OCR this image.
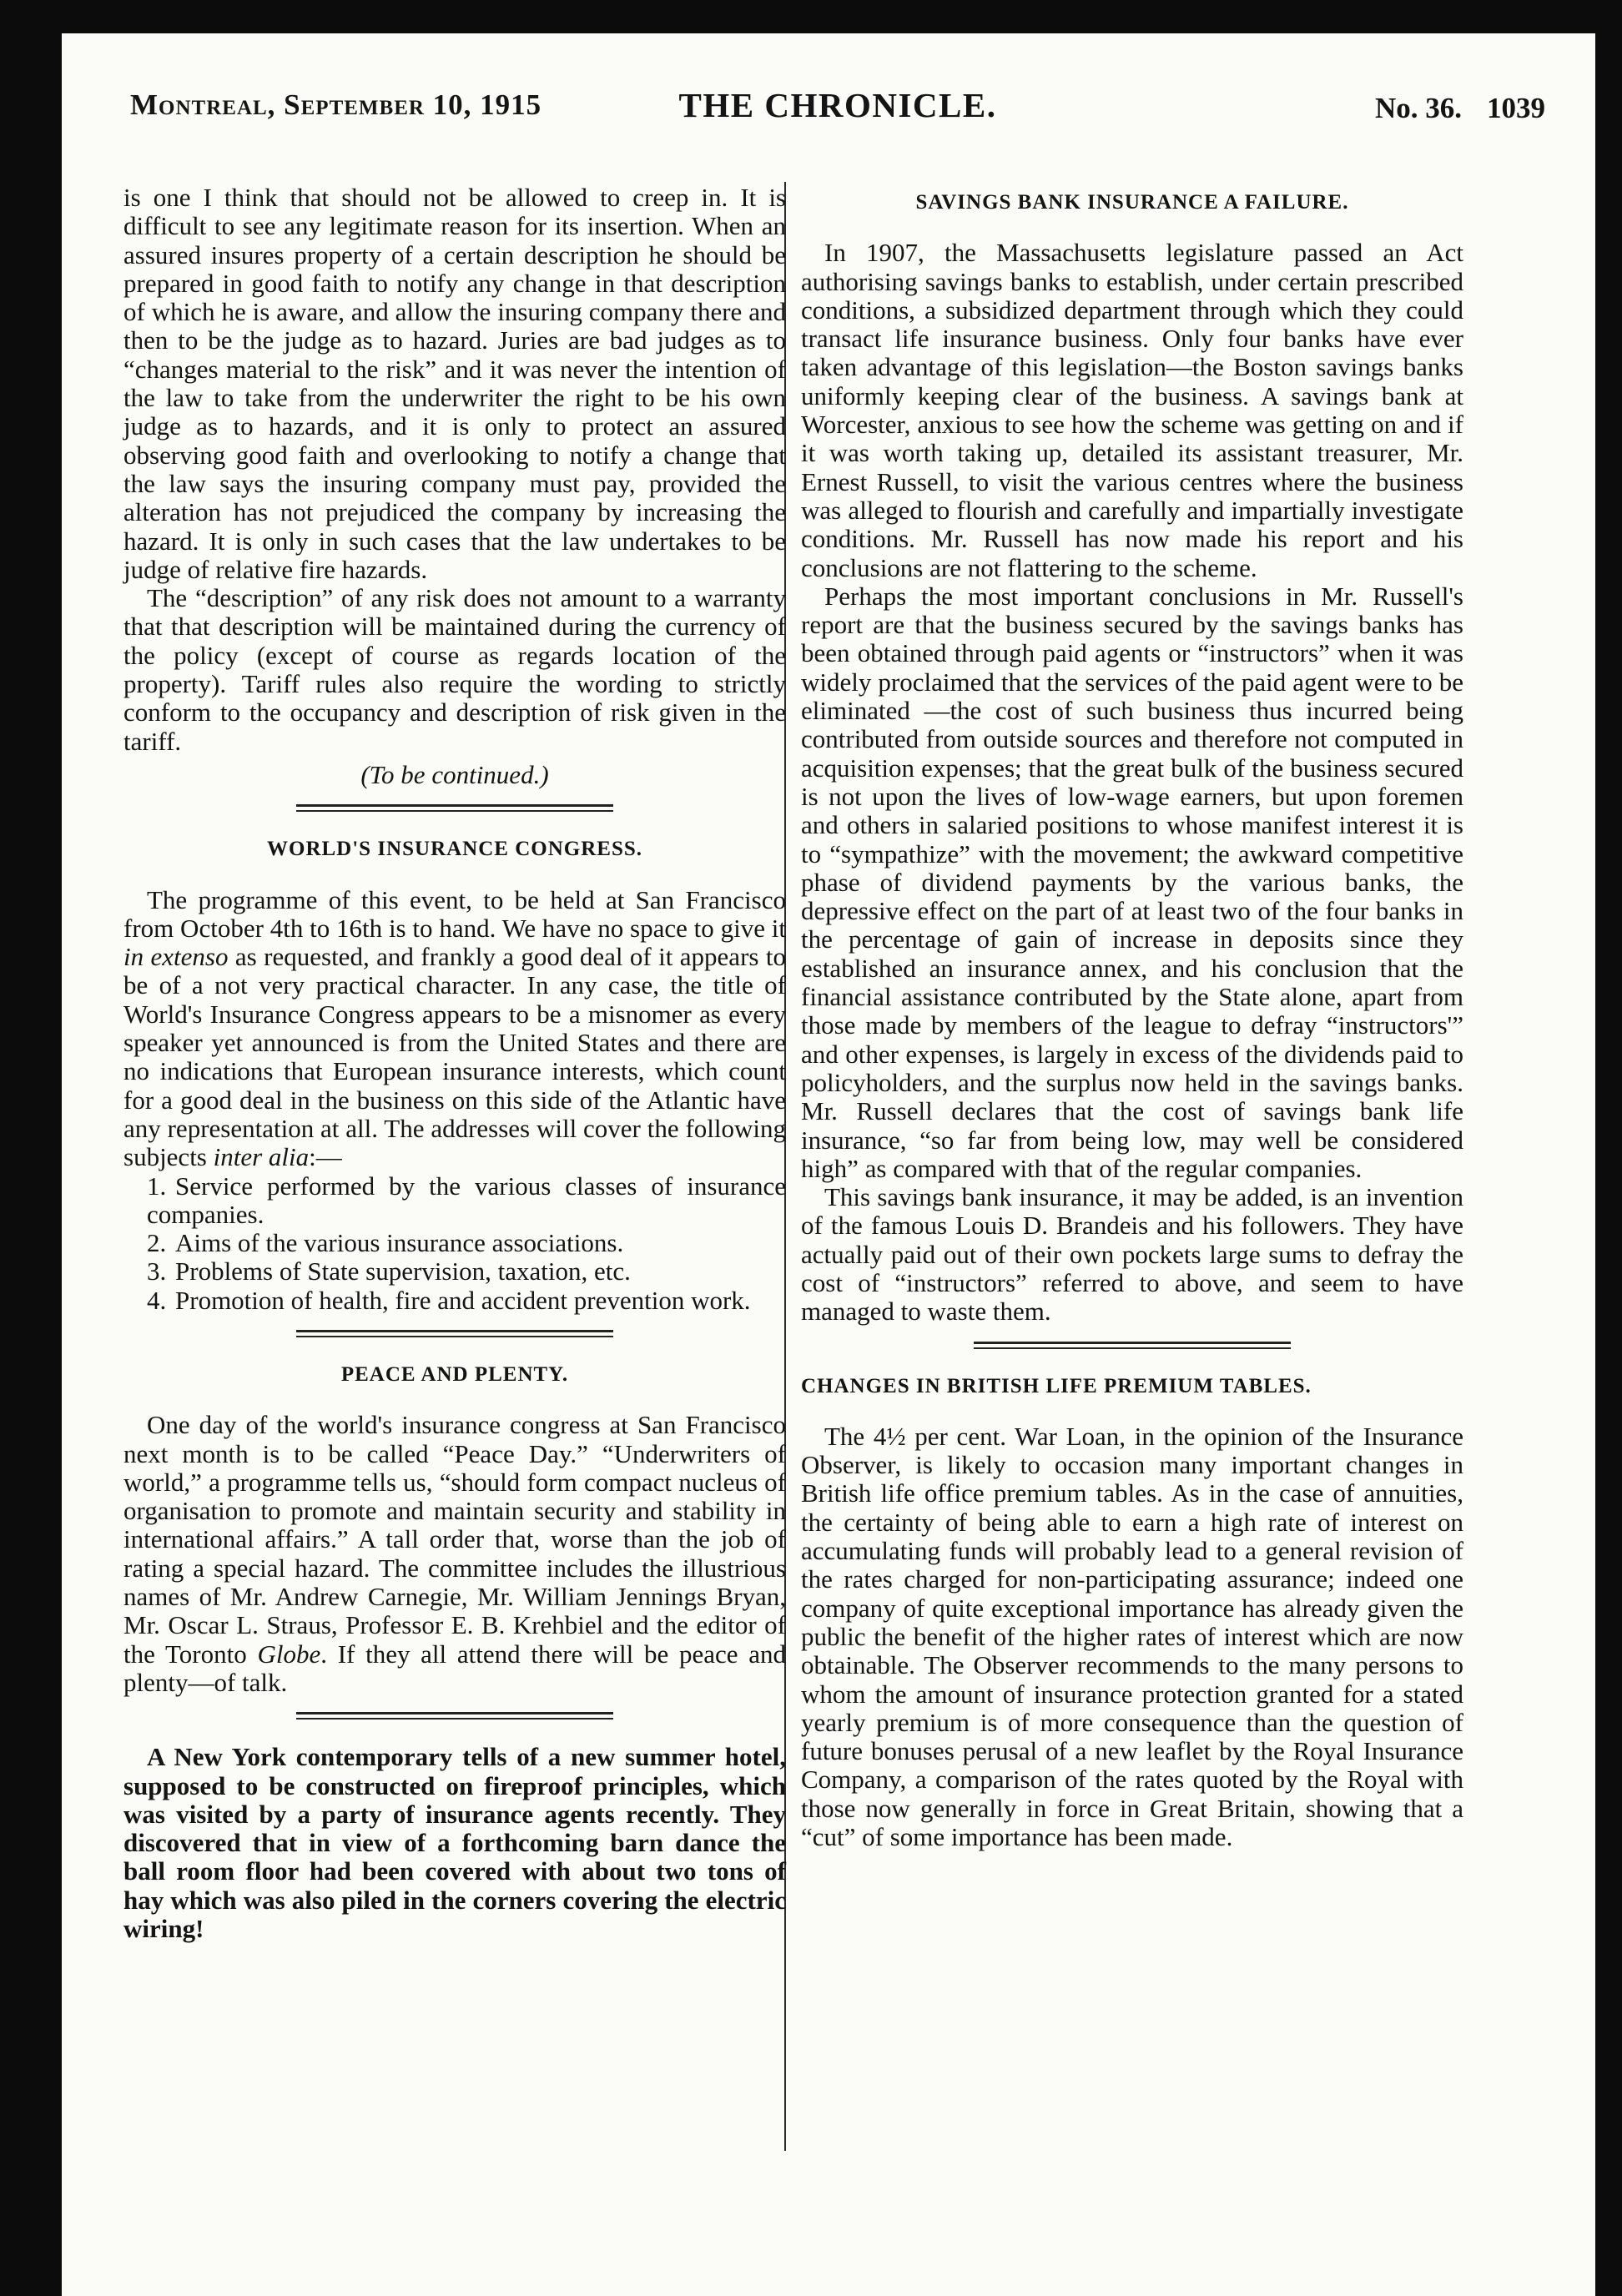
Montreal, September 10, 1915	THE CHRONICLE.	No. 36. 1039

is one I think that should not be allowed to creep in. It is difficult to see any legitimate reason for its insertion. When an assured insures property of a certain description he should be prepared in good faith to notify any change in that description of which he is aware, and allow the insuring company there and then to be the judge as to hazard. Juries are bad judges as to “changes material to the risk” and it was never the intention of the law to take from the underwriter the right to be his own judge as to hazards, and it is only to protect an assured observing good faith and overlooking to notify a change that the law says the insuring company must pay, provided the alteration has not prejudiced the company by increasing the hazard. It is only in such cases that the law undertakes to be judge of relative fire hazards.

The “description” of any risk does not amount to a warranty that that description will be maintained during the currency of the policy (except of course as regards location of the property). Tariff rules also require the wording to strictly conform to the occupancy and description of risk given in the tariff.

(To be continued.)
WORLD'S INSURANCE CONGRESS.

The programme of this event, to be held at San Francisco from October 4th to 16th is to hand. We have no space to give it in extenso as requested, and frankly a good deal of it appears to be of a not very practical character. In any case, the title of World's Insurance Congress appears to be a misnomer as every speaker yet announced is from the United States and there are no indications that European insurance interests, which count for a good deal in the business on this side of the Atlantic have any representation at all. The addresses will cover the following subjects inter alia:—

1. Service performed by the various classes of insurance companies.

2. Aims of the various insurance associations.

3. Problems of State supervision, taxation, etc.

4. Promotion of health, fire and accident prevention work.

PEACE AND PLENTY.

One day of the world's insurance congress at San Francisco next month is to be called “Peace Day.” “Underwriters of world,” a programme tells us, “should form compact nucleus of organisation to promote and maintain security and stability in international affairs.” A tall order that, worse than the job of rating a special hazard. The committee includes the illustrious names of Mr. Andrew Carnegie, Mr. William Jennings Bryan, Mr. Oscar L. Straus, Professor E. B. Krehbiel and the editor of the Toronto Globe. If they all attend there will be peace and plenty—of talk.

A New York contemporary tells of a new summer hotel, supposed to be constructed on fireproof principles, which was visited by a party of insurance agents recently. They discovered that in view of a forthcoming barn dance the ball room floor had been covered with about two tons of hay which was also piled in the corners covering the electric wiring!

SAVINGS BANK INSURANCE A FAILURE.

In 1907, the Massachusetts legislature passed an Act authorising savings banks to establish, under certain prescribed conditions, a subsidized department through which they could transact life insurance business. Only four banks have ever taken advantage of this legislation—the Boston savings banks uniformly keeping clear of the business. A savings bank at Worcester, anxious to see how the scheme was getting on and if it was worth taking up, detailed its assistant treasurer, Mr. Ernest Russell, to visit the various centres where the business was alleged to flourish and carefully and impartially investigate conditions. Mr. Russell has now made his report and his conclusions are not flattering to the scheme.

Perhaps the most important conclusions in Mr. Russell's report are that the business secured by the savings banks has been obtained through paid agents or “instructors” when it was widely proclaimed that the services of the paid agent were to be eliminated —the cost of such business thus incurred being contributed from outside sources and therefore not computed in acquisition expenses; that the great bulk of the business secured is not upon the lives of low-wage earners, but upon foremen and others in salaried positions to whose manifest interest it is to “sympathize” with the movement; the awkward competitive phase of dividend payments by the various banks, the depressive effect on the part of at least two of the four banks in the percentage of gain of increase in deposits since they established an insurance annex, and his conclusion that the financial assistance contributed by the State alone, apart from those made by members of the league to defray “instructors'” and other expenses, is largely in excess of the dividends paid to policyholders, and the surplus now held in the savings banks. Mr. Russell declares that the cost of savings bank life insurance, “so far from being low, may well be considered high” as compared with that of the regular companies.

This savings bank insurance, it may be added, is an invention of the famous Louis D. Brandeis and his followers. They have actually paid out of their own pockets large sums to defray the cost of “instructors” referred to above, and seem to have managed to waste them.

CHANGES IN BRITISH LIFE PREMIUM TABLES.

The 4½ per cent. War Loan, in the opinion of the Insurance Observer, is likely to occasion many important changes in British life office premium tables. As in the case of annuities, the certainty of being able to earn a high rate of interest on accumulating funds will probably lead to a general revision of the rates charged for non-participating assurance; indeed one company of quite exceptional importance has already given the public the benefit of the higher rates of interest which are now obtainable. The Observer recommends to the many persons to whom the amount of insurance protection granted for a stated yearly premium is of more consequence than the question of future bonuses perusal of a new leaflet by the Royal Insurance Company, a comparison of the rates quoted by the Royal with those now generally in force in Great Britain, showing that a “cut” of some importance has been made.
